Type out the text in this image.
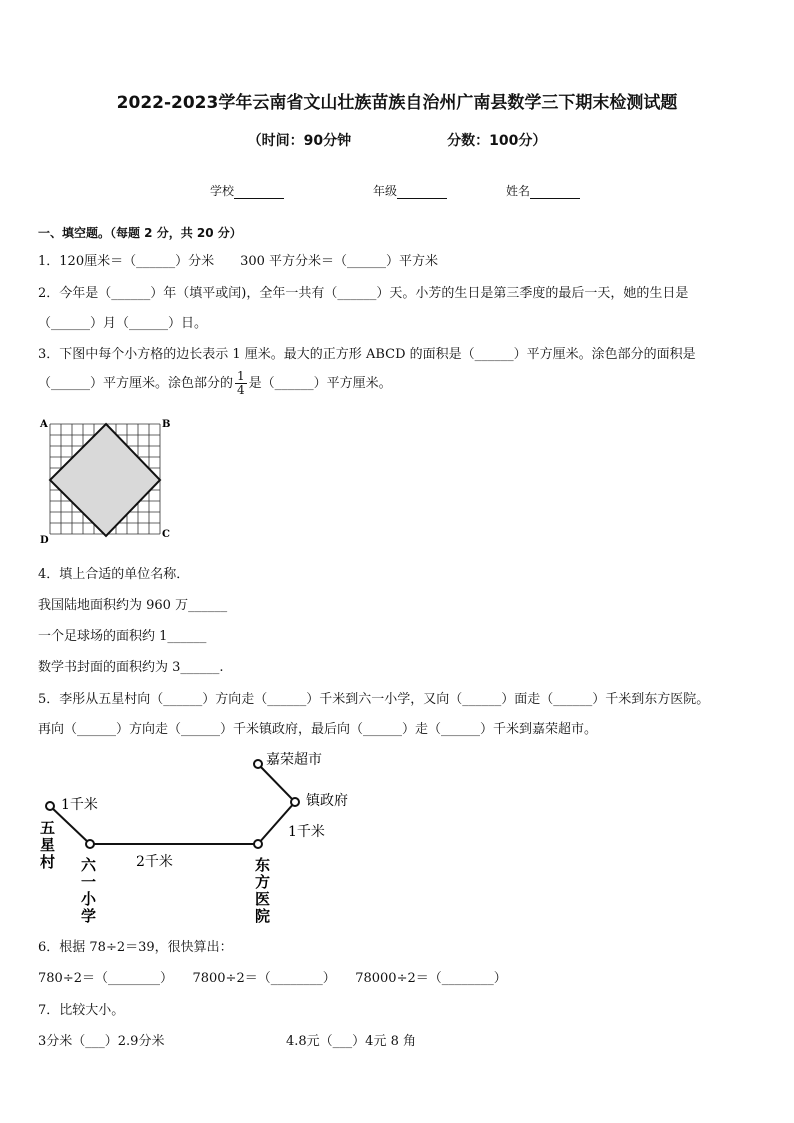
2022-2023学年云南省文山壮族苗族自治州广南县数学三下期末检测试题
（时间：90分钟	分数：100分）
学校	年级	姓名
一、填空题。（每题 2 分，共 20 分）
1．120厘米＝（______）分米　　300 平方分米＝（______）平方米
2．今年是（______）年（填平或闰)，全年一共有（______）天。小芳的生日是第三季度的最后一天，她的生日是
（______）月（______）日。
3．下图中每个小方格的边长表示 1 厘米。最大的正方形 ABCD 的面积是（______）平方厘米。涂色部分的面积是
（______）平方厘米。涂色部分的 $\frac{1}{4}$ 是（______）平方厘米。
A	B
C
D
4．填上合适的单位名称．
我国陆地面积约为 960 万______
一个足球场的面积约 1______
数学书封面的面积约为 3______.
5．李彤从五星村向（______）方向走（______）千米到六一小学，又向（______）面走（______）千米到东方医院。
再向（______）方向走（______）千米镇政府，最后向（______）走（______）千米到嘉荣超市。
嘉荣超市
镇政府
1千米
2千米
1千米
五
星
村 六
一
小
学
东
方
医
院
6．根据 78÷2＝39，很快算出：
780÷2＝（________）　　7800÷2＝（________）　　78000÷2＝（________）
7．比较大小。
3分米（___）2.9分米	4.8元（___）4元 8 角
